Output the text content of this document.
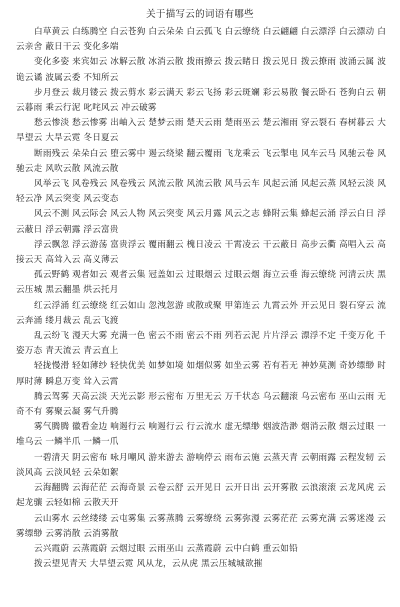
关于描写云的词语有哪些

白草黄云 白练腾空 白云苍狗 白云朵朵 白云孤飞 白云缭绕 白云翩翩 白云漂浮 白云漂动 白云亲舍 蔽日干云 变化多端

变化多姿 来宾如云 冰解云散 冰消云散 拨雨撩云 拨云睹日 拨云见日 拨云撩雨 波涌云属 波诡云谲 波属云委 不知所云

步月登云 裁月镂云 拨云剪水 彩云满天 彩云飞扬 彩云斑斓 彩云易散 餐云卧石 苍狗白云 朝云暮雨 乘云行泥 叱咤风云 冲云破雾

愁云惨淡 愁云惨雾 出岫入云 楚梦云雨 楚天云雨 楚雨巫云 楚云湘雨 穿云裂石 春树暮云 大旱望云 大旱云霓 冬日夏云

断雨残云 朵朵白云 堕云雾中 遏云绕梁 翻云覆雨 飞龙乘云 飞云掣电 风车云马 风驰云卷 风驰云走 风吹云散 风流云散

风举云飞 风卷残云 风卷残云 风流云散 风流云散 风马云车 风起云涌 风起云蒸 风轻云淡 风轻云净 风云突变 风云变态

风云不测 风云际会 风云人物 风云突变 风云月露 风云之志 蜂附云集 蜂起云涌 浮云白日 浮云蔽日 浮云朝露 浮云富贵

浮云飘忽 浮云游荡 富贵浮云 覆雨翻云 槐日凌云 干霄凌云 干云蔽日 高步云衢 高唱入云 高接云天 高耸入云 高义薄云

孤云野鹤 观者如云 观者云集 冠盖如云 过眼烟云 过眼云烟 海立云垂 海云缭绕 河清云庆 黑云压城 黑云翻墨 烘云托月

红云浮涌 红云缭绕 红云如山 忽洩忽游 或散或聚 甲第连云 九霄云外 开云见日 裂石穿云 流云奔涌 缕月裁云 乱云飞渡

乱云纷飞 漫天大雾 充满一色 密云不雨 密云不雨 列若云泥 片片浮云 漂浮不定 千变万化 千姿万态 青天流云 青云直上

轻拢慢滑 轻如薄纱 轻快优美 如梦如境 如烟似雾 如坐云雾 若有若无 神妙莫测 奇妙缥缈 时厚时薄 瞬息万变 耸入云霄

腾云驾雾 天高云淡 天光云影 形云密布 万里无云 万千状态 乌云翻滚 乌云密布 巫山云雨 无奇不有 雾聚云凝 雾气升腾

雾气腾腾 徽看金边 响遏行云 响遏行云 行云流水 虚无缥缈 烟波浩渺 烟消云散 烟云过眼 一堆乌云 一鳞半爪 一鳞一爪

一碧清天 阴云密布 咏月嘲风 游来游去 游响停云 雨布云施 云蒸天青 云朝雨露 云程发轫 云淡风高 云淡风轻 云朵如絮

云海翻腾 云海茫茫 云海奇景 云卷云舒 云开见日 云开日出 云开雾散 云浪滚滚 云龙风虎 云起龙骧 云轻如棉 云散天开

云山雾水 云丝缕缕 云屯雾集 云雾蒸腾 云雾缭绕 云雾弥漫 云雾茫茫 云雾充满 云雾迷漫 云雾缥缈 云雾消散 云消雾散

云兴霞蔚 云蒸霞蔚 云烟过眼 云雨巫山 云蒸霞蔚 云中白鹤 重云如铅

拨云望见青天 大旱望云霓 风从龙，云从虎 黑云压城城欲摧
